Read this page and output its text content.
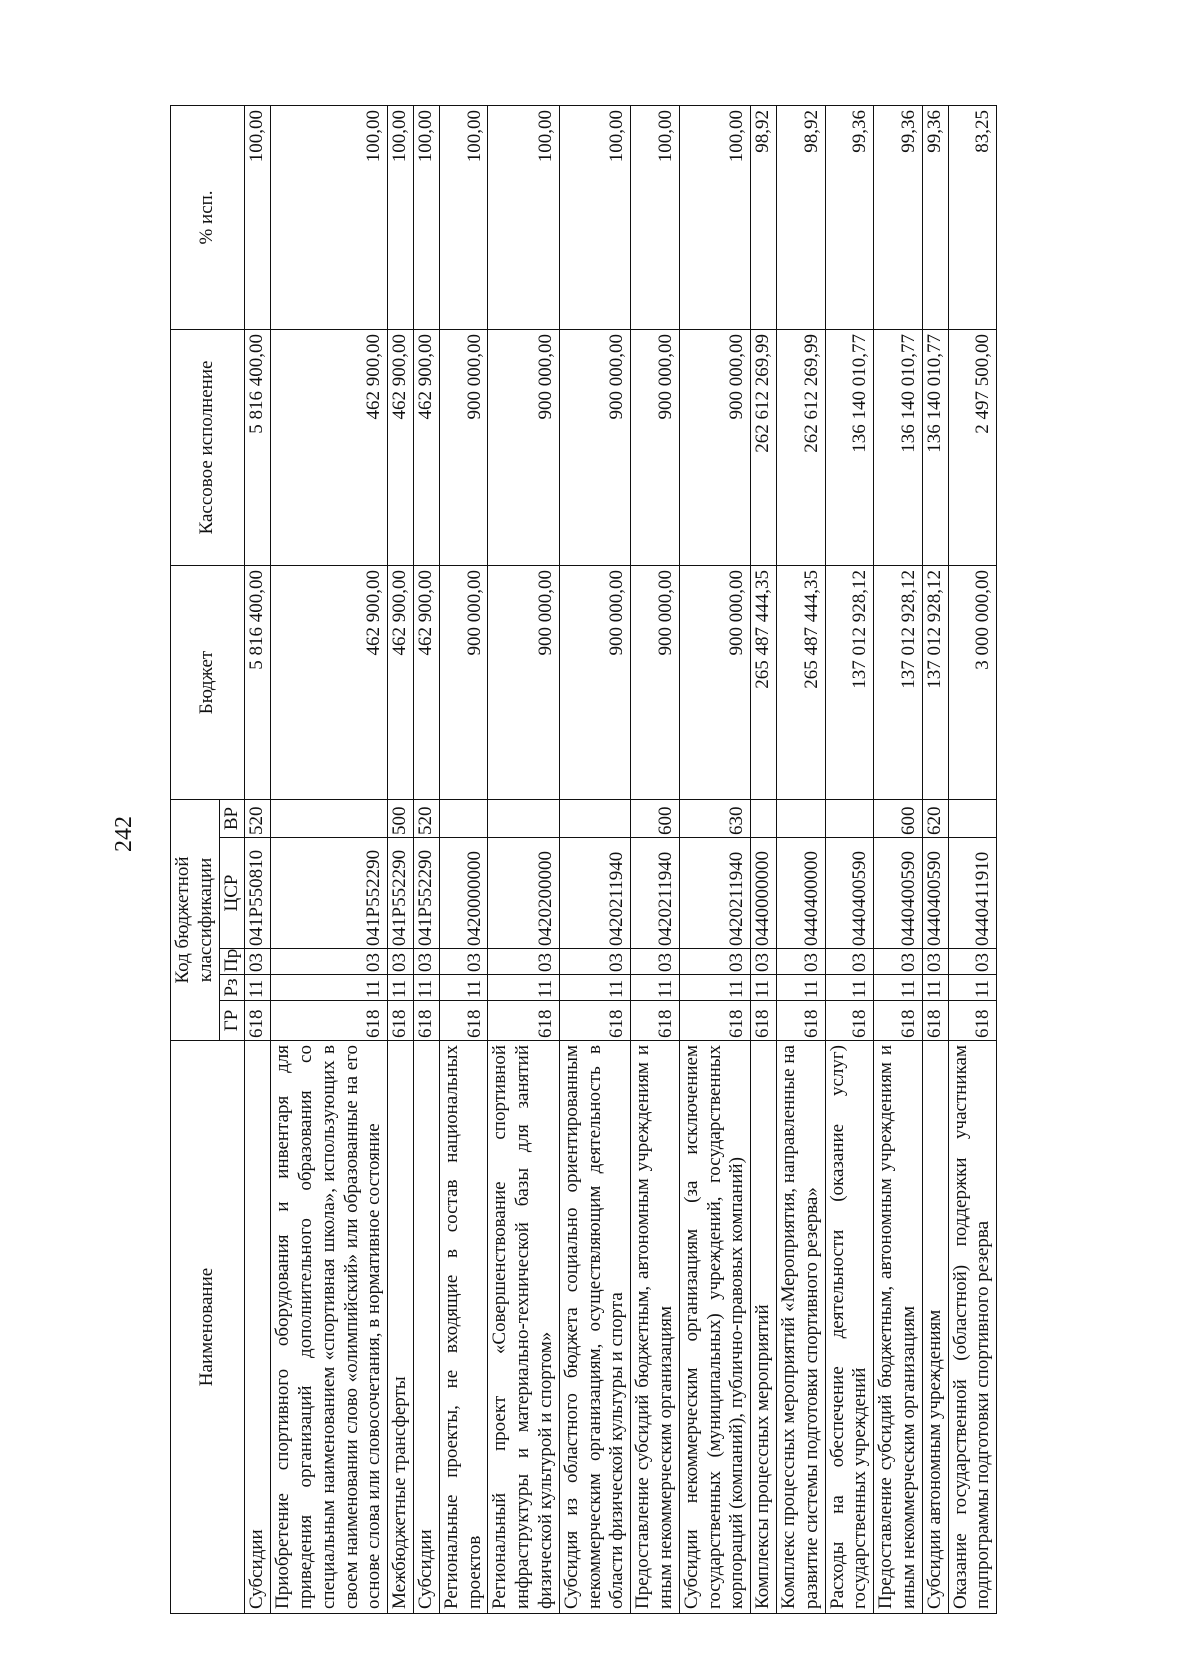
242
Наименование	Код бюджетной классификации					Бюджет	Кассовое исполнение	% исп.
	ГР	Рз	Пр	ЦСР	ВР			
Субсидии	618	11	03	041P550810	520	5 816 400,00	5 816 400,00	100,00
Приобретение спортивного оборудования и инвентаря для приведения организаций дополнительного образования со специальным наименованием «спортивная школа», использующих в своем наименовании слово «олимпийский» или образованные на его основе слова или словосочетания, в нормативное состояние	618	11	03	041P552290		462 900,00	462 900,00	100,00
Межбюджетные трансферты	618	11	03	041P552290	500	462 900,00	462 900,00	100,00
Субсидии	618	11	03	041P552290	520	462 900,00	462 900,00	100,00
Региональные проекты, не входящие в состав национальных проектов	618	11	03	0420000000		900 000,00	900 000,00	100,00
Региональный проект «Совершенствование спортивной инфраструктуры и материально-технической базы для занятий физической культурой и спортом»	618	11	03	0420200000		900 000,00	900 000,00	100,00
Субсидия из областного бюджета социально ориентированным некоммерческим организациям, осуществляющим деятельность в области физической культуры и спорта	618	11	03	0420211940		900 000,00	900 000,00	100,00
Предоставление субсидий бюджетным, автономным учреждениям и иным некоммерческим организациям	618	11	03	0420211940	600	900 000,00	900 000,00	100,00
Субсидии некоммерческим организациям (за исключением государственных (муниципальных) учреждений, государственных корпораций (компаний), публично-правовых компаний)	618	11	03	0420211940	630	900 000,00	900 000,00	100,00
Комплексы процессных мероприятий	618	11	03	0440000000		265 487 444,35	262 612 269,99	98,92
Комплекс процессных мероприятий «Мероприятия, направленные на развитие системы подготовки спортивного резерва»	618	11	03	0440400000		265 487 444,35	262 612 269,99	98,92
Расходы на обеспечение деятельности (оказание услуг) государственных учреждений	618	11	03	0440400590		137 012 928,12	136 140 010,77	99,36
Предоставление субсидий бюджетным, автономным учреждениям и иным некоммерческим организациям	618	11	03	0440400590	600	137 012 928,12	136 140 010,77	99,36
Субсидии автономным учреждениям	618	11	03	0440400590	620	137 012 928,12	136 140 010,77	99,36
Оказание государственной (областной) поддержки участникам подпрограммы подготовки спортивного резерва	618	11	03	0440411910		3 000 000,00	2 497 500,00	83,25
